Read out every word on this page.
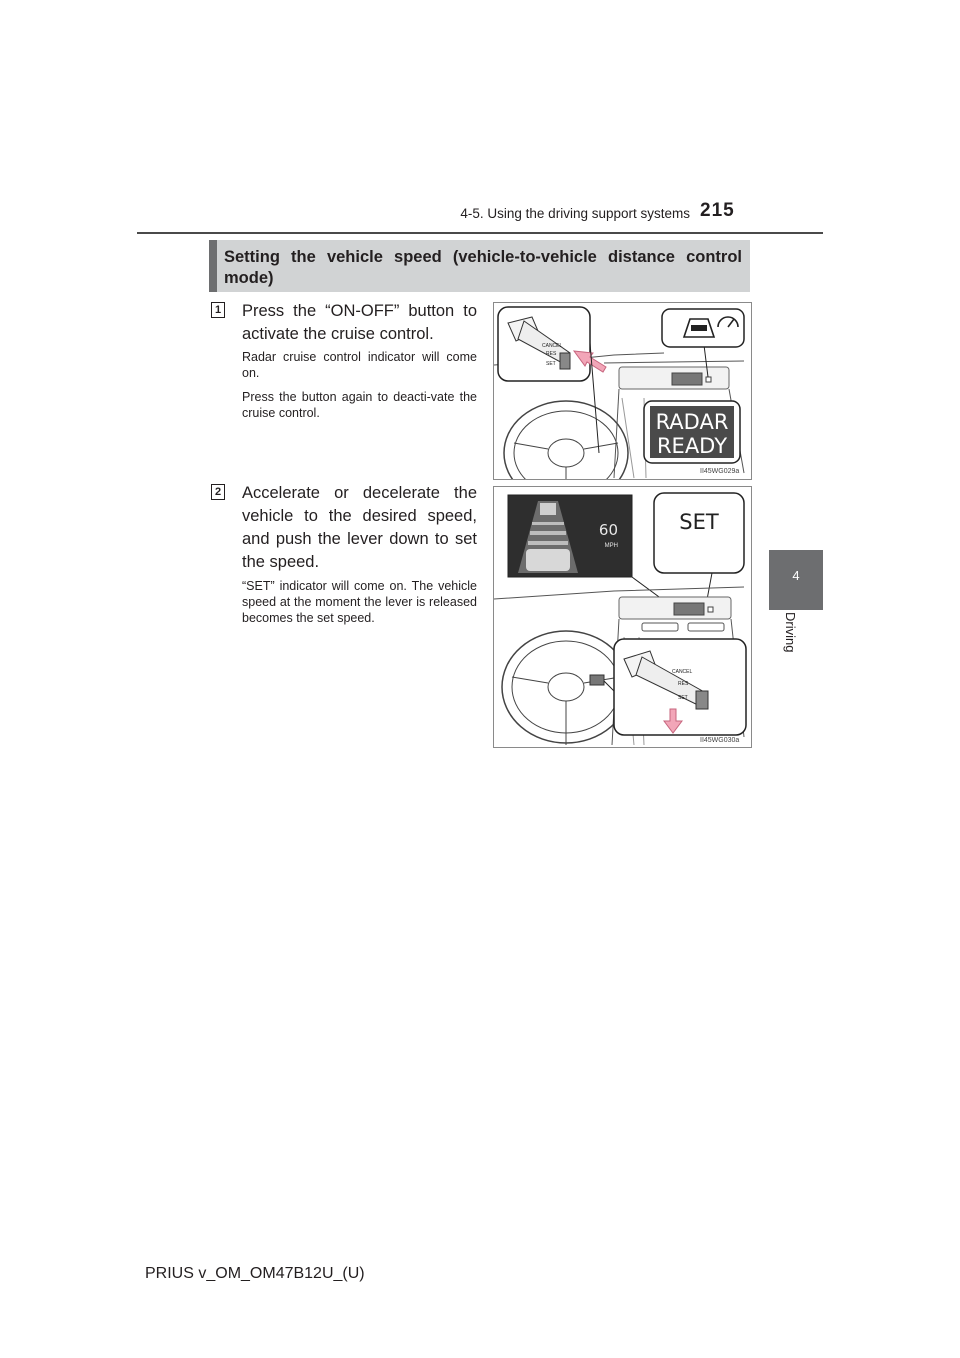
4-5. Using the driving support systems 215
4
Driving
Setting the vehicle speed (vehicle-to-vehicle distance control
mode)
1 Press the “ON-OFF” button to activate the cruise control.
Radar cruise control indicator will come on.
Press the button again to deacti-vate the cruise control.
CANCEL
RES
SET
RADAR
READY
II45WG029a
2 Accelerate or decelerate the vehicle to the desired speed, and push the lever down to set the speed.
“SET” indicator will come on. The vehicle speed at the moment the lever is released becomes the set speed.
60
MPH
SET
CANCEL
RES
SET
II45WG030a
PRIUS v_OM_OM47B12U_(U)
